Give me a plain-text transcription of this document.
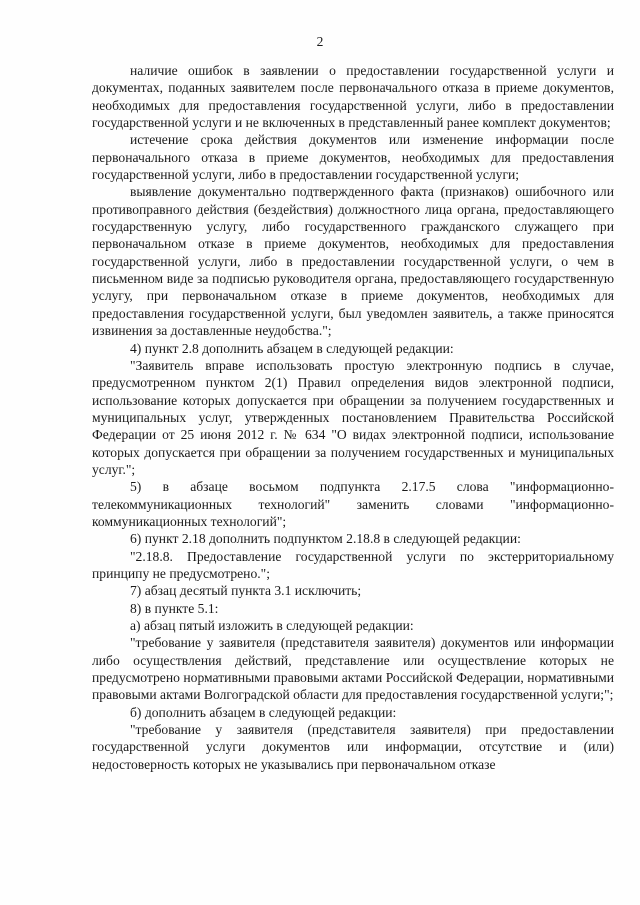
2

наличие ошибок в заявлении о предоставлении государственной услуги и документах, поданных заявителем после первоначального отказа в приеме документов, необходимых для предоставления государственной услуги, либо в предоставлении государственной услуги и не включенных в представленный ранее комплект документов;

истечение срока действия документов или изменение информации после первоначального отказа в приеме документов, необходимых для предоставления государственной услуги, либо в предоставлении государственной услуги;

выявление документально подтвержденного факта (признаков) ошибочного или противоправного действия (бездействия) должностного лица органа, предоставляющего государственную услугу, либо государственного гражданского служащего при первоначальном отказе в приеме документов, необходимых для предоставления государственной услуги, либо в предоставлении государственной услуги, о чем в письменном виде за подписью руководителя органа, предоставляющего государственную услугу, при первоначальном отказе в приеме документов, необходимых для предоставления государственной услуги, был уведомлен заявитель, а также приносятся извинения за доставленные неудобства.";

4) пункт 2.8 дополнить абзацем в следующей редакции:

"Заявитель вправе использовать простую электронную подпись в случае, предусмотренном пунктом 2(1) Правил определения видов электронной подписи, использование которых допускается при обращении за получением государственных и муниципальных услуг, утвержденных постановлением Правительства Российской Федерации от 25 июня 2012 г. № 634 "О видах электронной подписи, использование которых допускается при обращении за получением государственных и муниципальных услуг.";

5) в абзаце восьмом подпункта 2.17.5 слова "информационно-телекоммуникационных технологий" заменить словами "информационно-коммуникационных технологий";

6) пункт 2.18 дополнить подпунктом 2.18.8 в следующей редакции:

"2.18.8. Предоставление государственной услуги по экстерриториальному принципу не предусмотрено.";

7) абзац десятый пункта 3.1 исключить;

8) в пункте 5.1:

а) абзац пятый изложить в следующей редакции:

"требование у заявителя (представителя заявителя) документов или информации либо осуществления действий, представление или осуществление которых не предусмотрено нормативными правовыми актами Российской Федерации, нормативными правовыми актами Волгоградской области для предоставления государственной услуги;";

б) дополнить абзацем в следующей редакции:

"требование у заявителя (представителя заявителя) при предоставлении государственной услуги документов или информации, отсутствие и (или) недостоверность которых не указывались при первоначальном отказе
